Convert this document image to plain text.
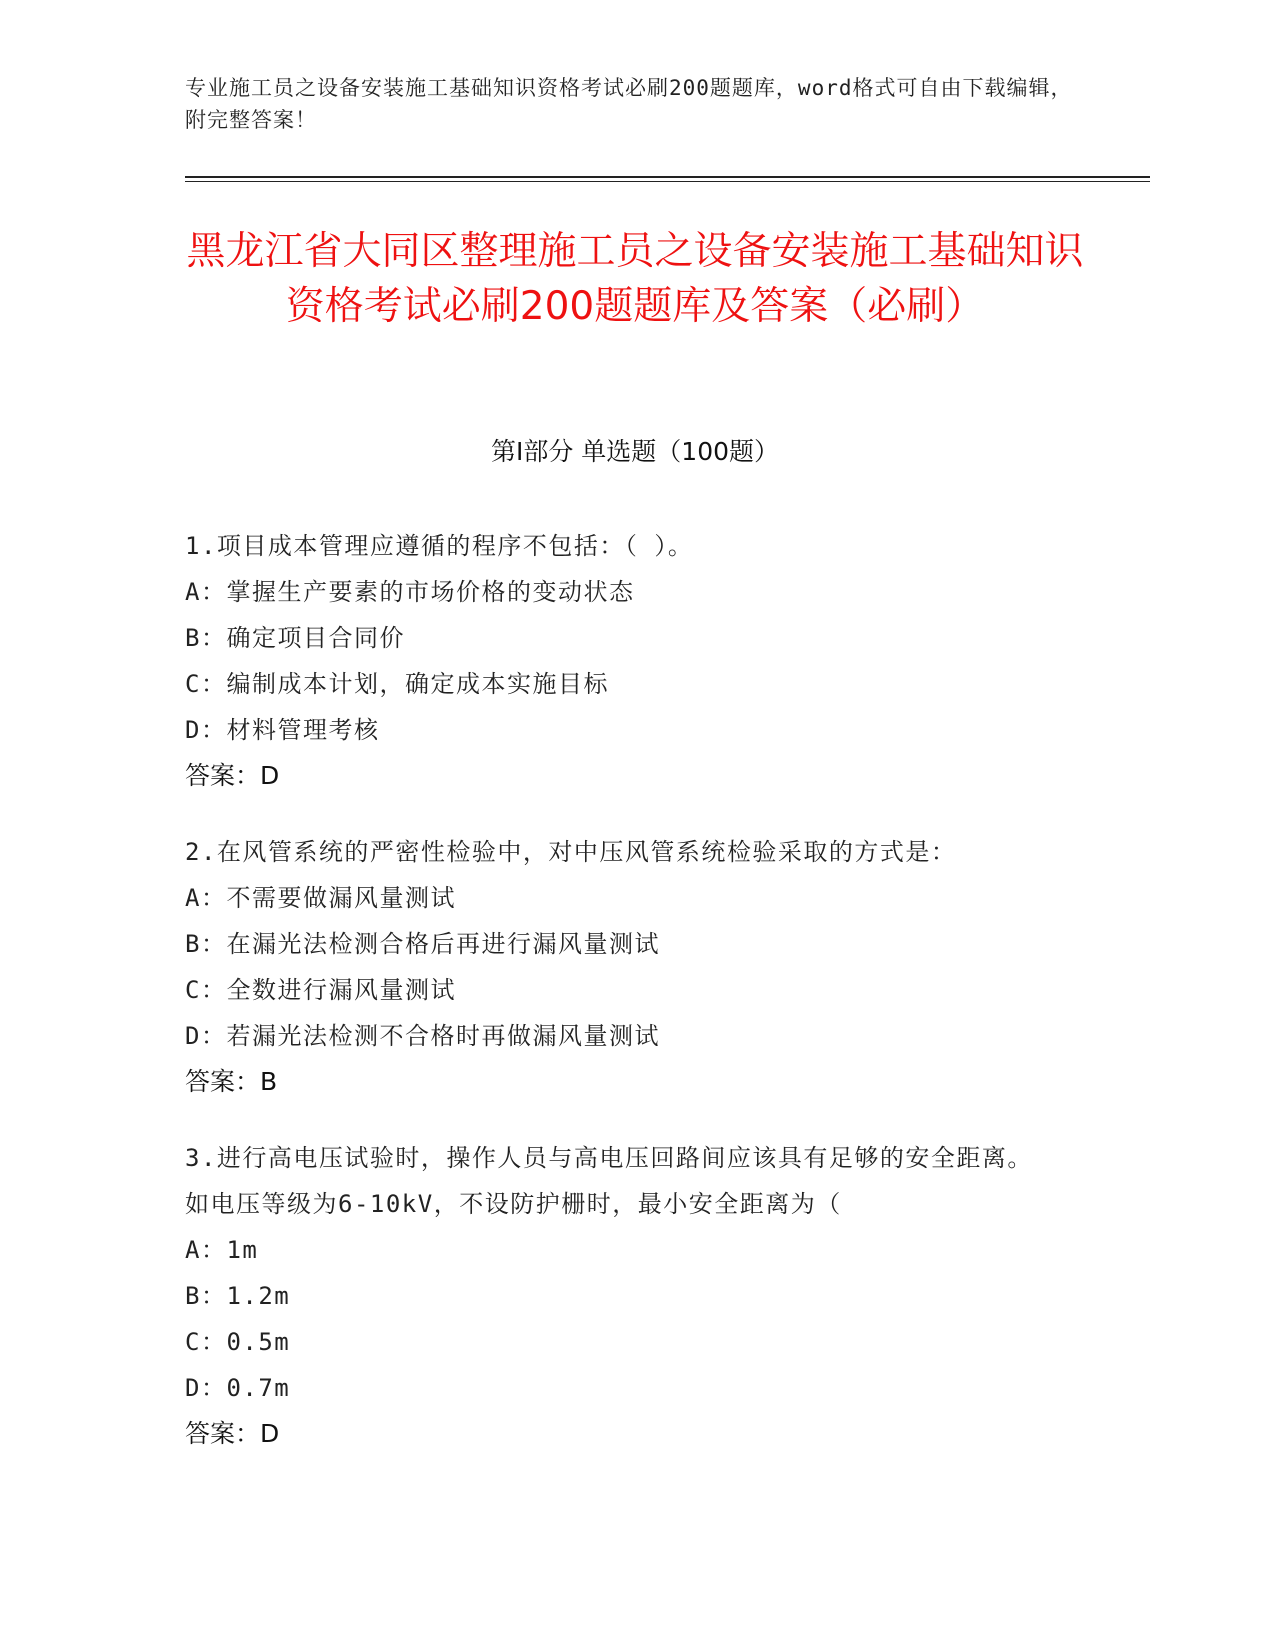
专业施工员之设备安装施工基础知识资格考试必刷200题题库，word格式可自由下载编辑，附完整答案！
黑龙江省大同区整理施工员之设备安装施工基础知识资格考试必刷200题题库及答案（必刷）
第Ⅰ部分 单选题（100题）

1.项目成本管理应遵循的程序不包括：（ ）。

A：掌握生产要素的市场价格的变动状态

B：确定项目合同价

C：编制成本计划，确定成本实施目标

D：材料管理考核

答案：D

2.在风管系统的严密性检验中，对中压风管系统检验采取的方式是：

A：不需要做漏风量测试

B：在漏光法检测合格后再进行漏风量测试

C：全数进行漏风量测试

D：若漏光法检测不合格时再做漏风量测试

答案：B

3.进行高电压试验时，操作人员与高电压回路间应该具有足够的安全距离。如电压等级为6-10kV，不设防护栅时，最小安全距离为（

A：1m

B：1.2m

C：0.5m

D：0.7m

答案：D
